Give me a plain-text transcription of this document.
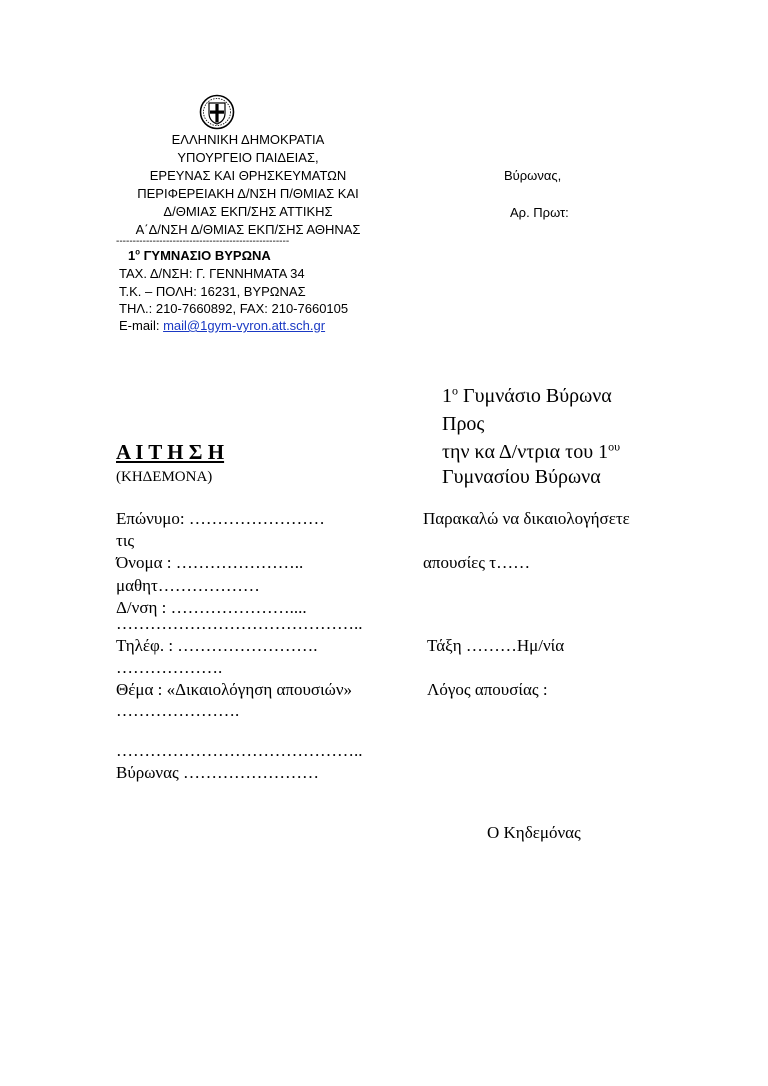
ΕΛΛΗΝΙΚΗ ΔΗΜΟΚΡΑΤΙΑ
ΥΠΟΥΡΓΕΙΟ ΠΑΙΔΕΙΑΣ,
ΕΡΕΥΝΑΣ ΚΑΙ ΘΡΗΣΚΕΥΜΑΤΩΝ
ΠΕΡΙΦΕΡΕΙΑΚΗ Δ/ΝΣΗ Π/ΘΜΙΑΣ ΚΑΙ
Δ/ΘΜΙΑΣ ΕΚΠ/ΣΗΣ ΑΤΤΙΚΗΣ
Α΄Δ/ΝΣΗ Δ/ΘΜΙΑΣ ΕΚΠ/ΣΗΣ ΑΘΗΝΑΣ
Βύρωνας,
Αρ. Πρωτ:
----------------------------------------------------
$1^o$ ΓΥΜΝΑΣΙΟ ΒΥΡΩΝΑ
ΤΑΧ. Δ/ΝΣΗ: Γ. ΓΕΝΝΗΜΑΤΑ 34
Τ.Κ. – ΠΟΛΗ: 16231, ΒΥΡΩΝΑΣ
ΤΗΛ.: 210-7660892, FAX: 210-7660105
E-mail: mail@1gym-vyron.att.sch.gr
$1^o$ Γυμνάσιο Βύρωνα
Προς
την κα Δ/ντρια του $1^{o\upsilon}$
Γυμνασίου Βύρωνα
Α Ι Τ Η Σ Η
(ΚΗΔΕΜΟΝΑ)
Επώνυμο: ……………………
τις
Όνομα : …………………..
μαθητ………………
Δ/νση : …………………....
……………………………………..
Τηλέφ. : …………………….
……………….
Θέμα : «Δικαιολόγηση απουσιών»
………………….
……………………………………..
Βύρωνας ……………………
Παρακαλώ να δικαιολογήσετε
απουσίες τ……
Τάξη ………Ημ/νία
Λόγος απουσίας :
Ο Κηδεμόνας
